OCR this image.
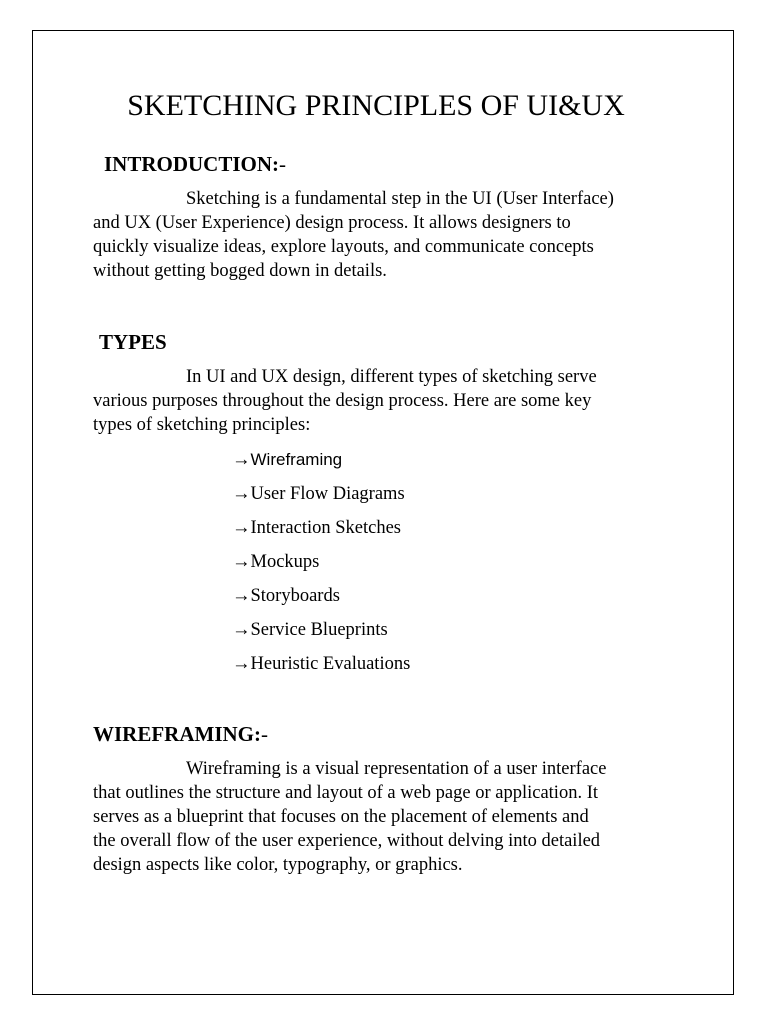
SKETCHING PRINCIPLES OF UI&UX
INTRODUCTION:-

Sketching is a fundamental step in the UI (User Interface)
and UX (User Experience) design process. It allows designers to
quickly visualize ideas, explore layouts, and communicate concepts
without getting bogged down in details.

TYPES

In UI and UX design, different types of sketching serve
various purposes throughout the design process. Here are some key
types of sketching principles:

→Wireframing
→User Flow Diagrams
→Interaction Sketches
→Mockups
→Storyboards
→Service Blueprints
→Heuristic Evaluations
WIREFRAMING:-

Wireframing is a visual representation of a user interface
that outlines the structure and layout of a web page or application. It
serves as a blueprint that focuses on the placement of elements and
the overall flow of the user experience, without delving into detailed
design aspects like color, typography, or graphics.
